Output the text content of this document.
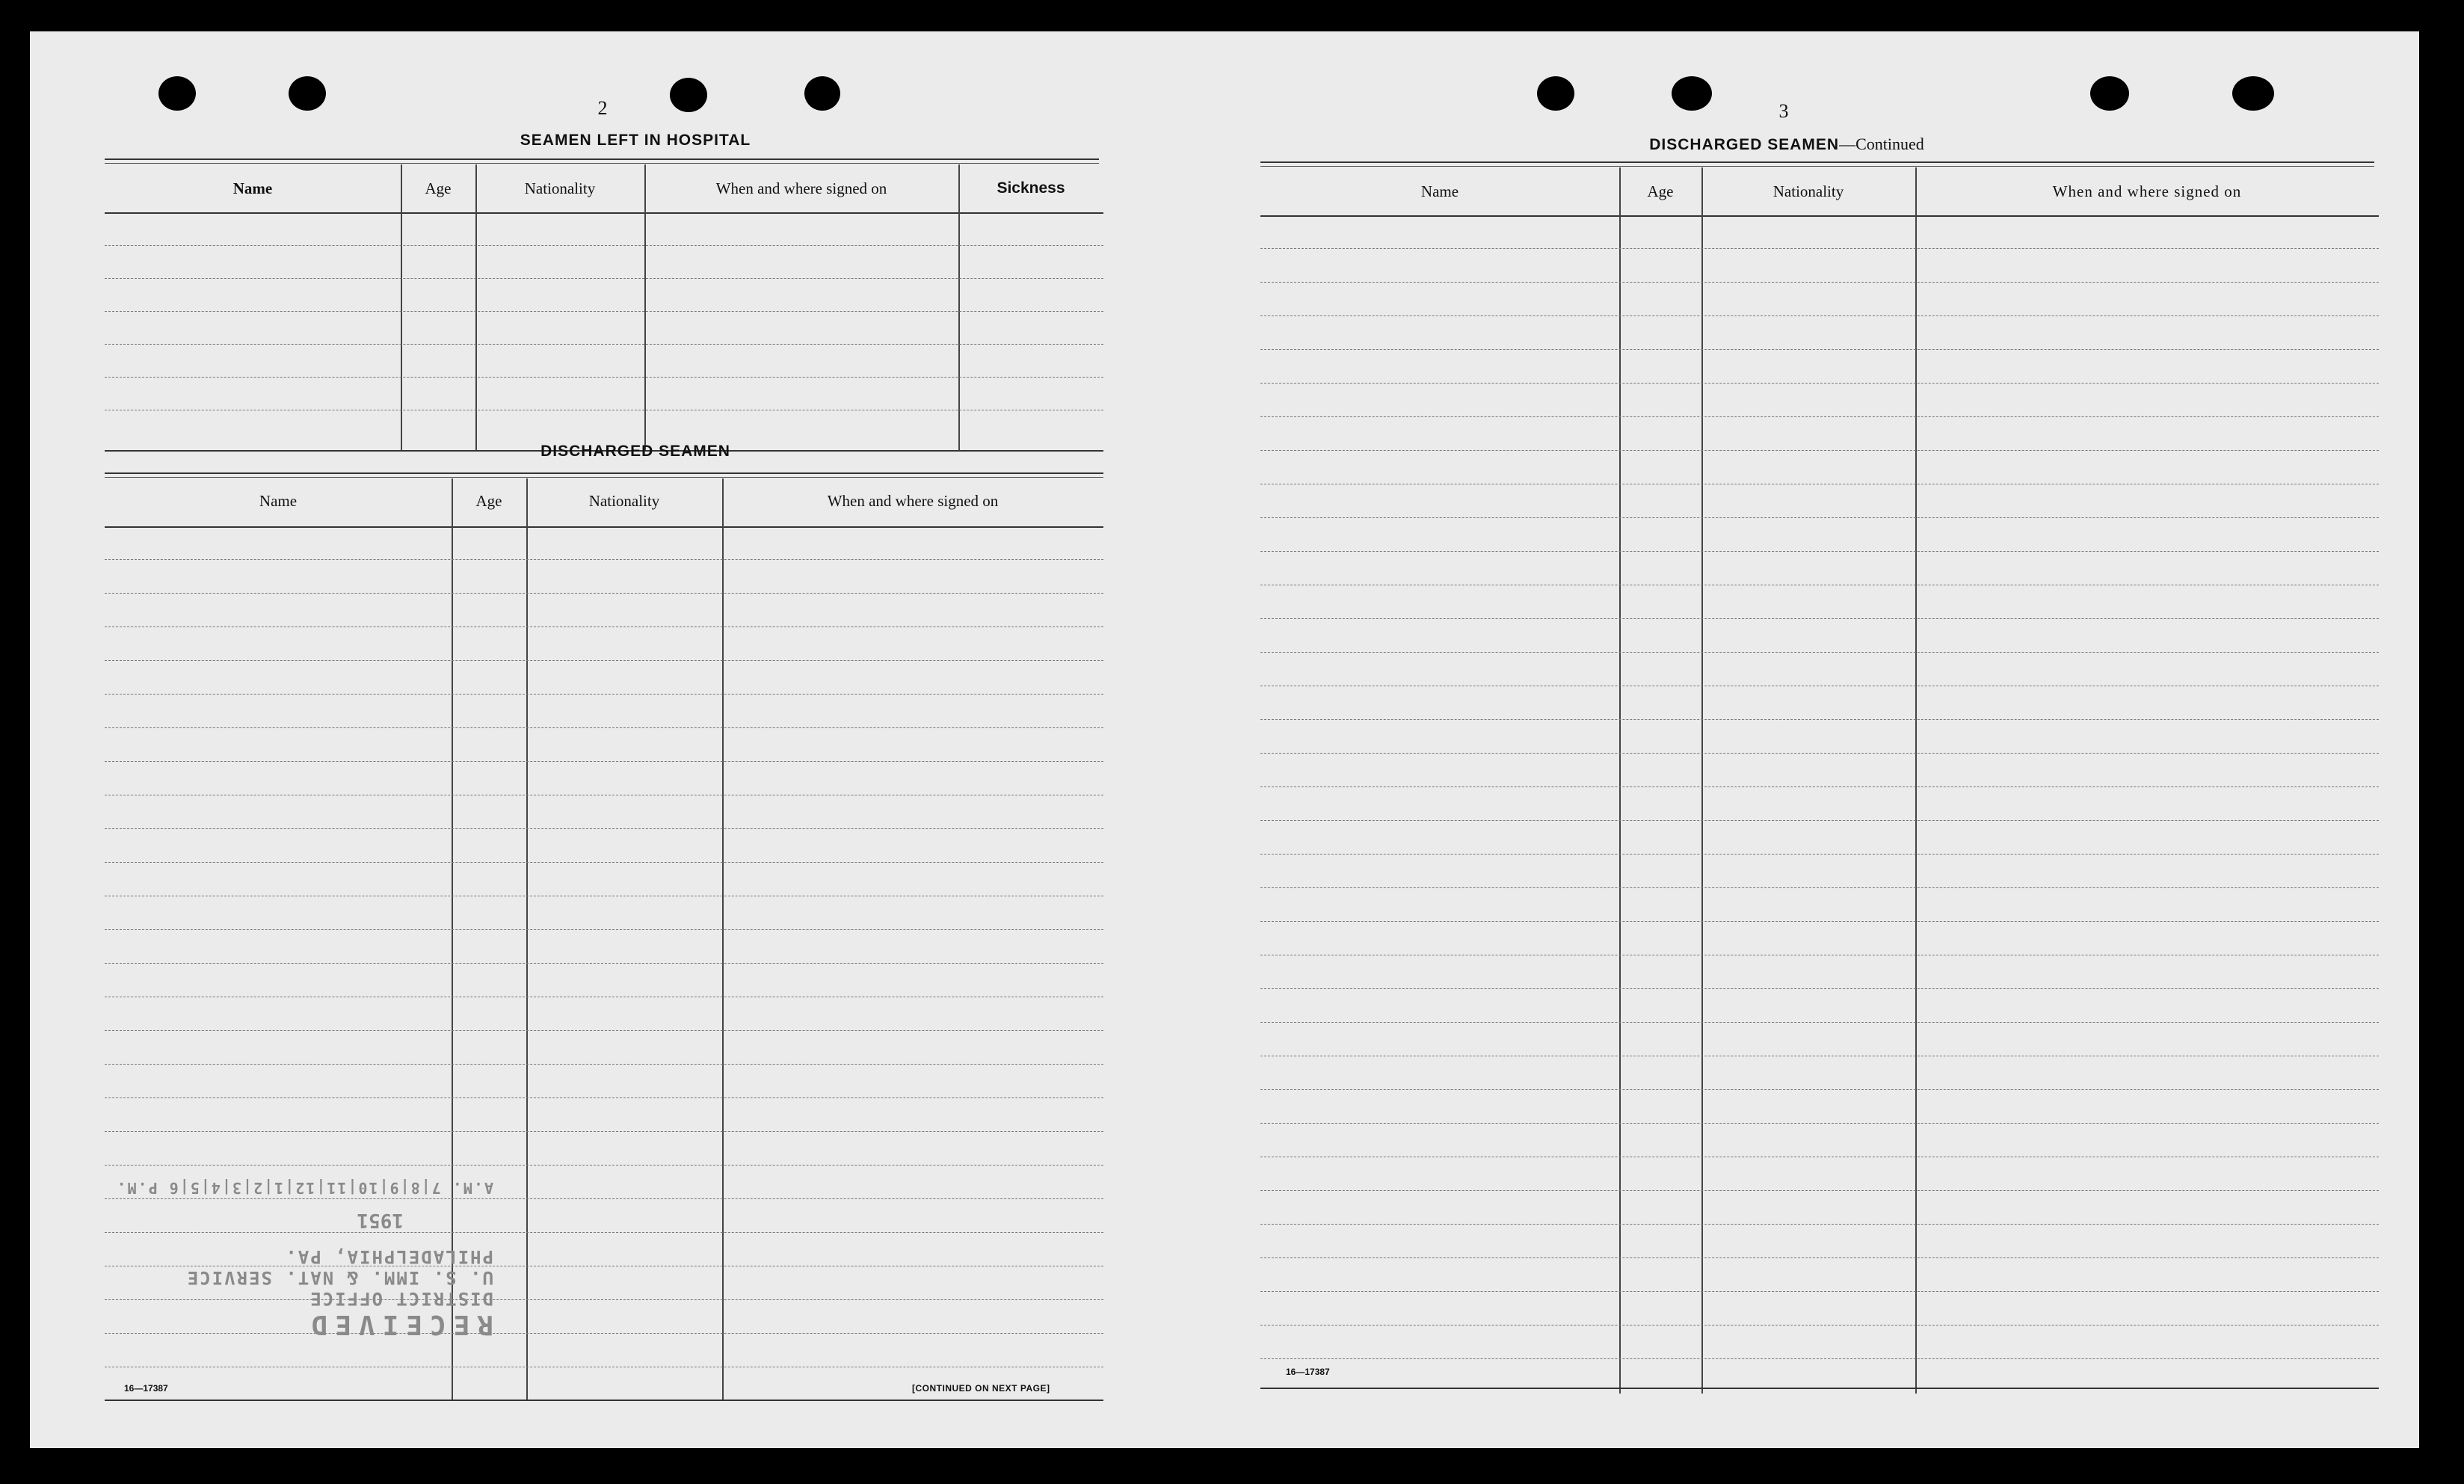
2
SEAMEN LEFT IN HOSPITAL
Name	Age	Nationality	When and where signed on	Sickness
DISCHARGED SEAMEN
Name	Age	Nationality	When and where signed on
16—17387	[CONTINUED ON NEXT PAGE]
RECEIVED
DISTRICT OFFICE
U. S. IMM. & NAT. SERVICE
PHILADELPHIA, PA.
1951
A.M. 7|8|9|10|11|12|1|2|3|4|5|6 P.M.
3
DISCHARGED SEAMEN—Continued
Name	Age	Nationality	When and where signed on
16—17387
